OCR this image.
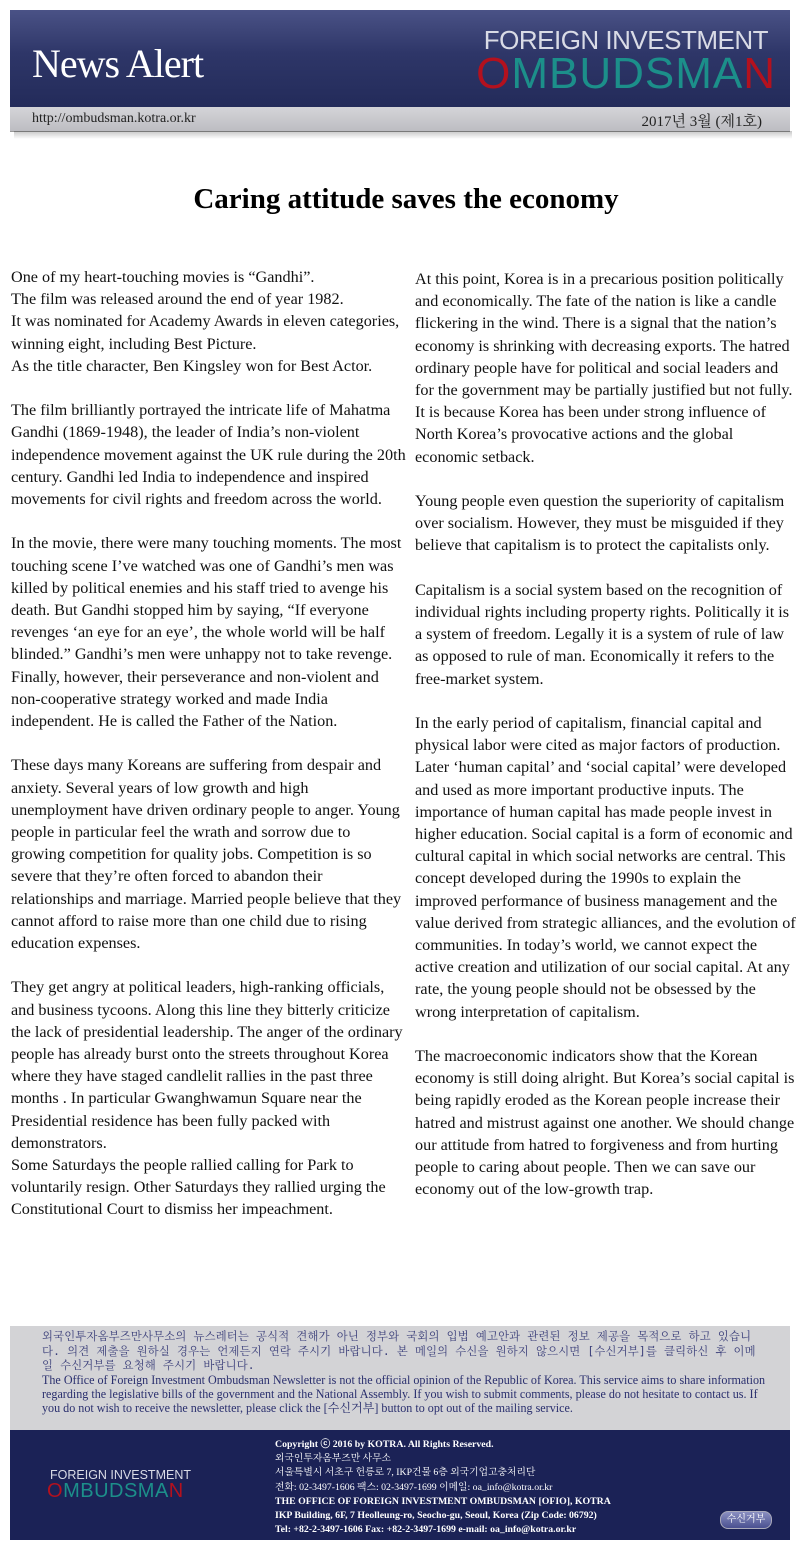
News Alert
FOREIGN INVESTMENT
OMBUDSMAN
http://ombudsman.kotra.or.kr	2017년 3월 (제1호)
Caring attitude saves the economy

One of my heart-touching movies is “Gandhi”.
The film was released around the end of year 1982.
It was nominated for Academy Awards in eleven categories, winning eight, including Best Picture.
As the title character, Ben Kingsley won for Best Actor.

The film brilliantly portrayed the intricate life of Mahatma Gandhi (1869-1948), the leader of India’s non-violent independence movement against the UK rule during the 20th century. Gandhi led India to independence and inspired movements for civil rights and freedom across the world.

In the movie, there were many touching moments. The most touching scene I’ve watched was one of Gandhi’s men was killed by political enemies and his staff tried to avenge his death. But Gandhi stopped him by saying, “If everyone revenges ‘an eye for an eye’, the whole world will be half blinded.” Gandhi’s men were unhappy not to take revenge. Finally, however, their perseverance and non-violent and non-cooperative strategy worked and made India independent. He is called the Father of the Nation.

These days many Koreans are suffering from despair and anxiety. Several years of low growth and high unemployment have driven ordinary people to anger. Young people in particular feel the wrath and sorrow due to growing competition for quality jobs. Competition is so severe that they’re often forced to abandon their relationships and marriage. Married people believe that they cannot afford to raise more than one child due to rising education expenses.

They get angry at political leaders, high-ranking officials, and business tycoons. Along this line they bitterly criticize the lack of presidential leadership. The anger of the ordinary people has already burst onto the streets throughout Korea where they have staged candlelit rallies in the past three months . In particular Gwanghwamun Square near the Presidential residence has been fully packed with demonstrators.
Some Saturdays the people rallied calling for Park to voluntarily resign. Other Saturdays they rallied urging the Constitutional Court to dismiss her impeachment.

At this point, Korea is in a precarious position politically and economically. The fate of the nation is like a candle flickering in the wind. There is a signal that the nation’s economy is shrinking with decreasing exports. The hatred ordinary people have for political and social leaders and for the government may be partially justified but not fully.
It is because Korea has been under strong influence of North Korea’s provocative actions and the global economic setback.

Young people even question the superiority of capitalism over socialism. However, they must be misguided if they believe that capitalism is to protect the capitalists only.

Capitalism is a social system based on the recognition of individual rights including property rights. Politically it is a system of freedom. Legally it is a system of rule of law as opposed to rule of man. Economically it refers to the free-market system.

In the early period of capitalism, financial capital and physical labor were cited as major factors of production. Later ‘human capital’ and ‘social capital’ were developed and used as more important productive inputs. The importance of human capital has made people invest in higher education. Social capital is a form of economic and cultural capital in which social networks are central. This concept developed during the 1990s to explain the improved performance of business management and the value derived from strategic alliances, and the evolution of communities. In today’s world, we cannot expect the active creation and utilization of our social capital. At any rate, the young people should not be obsessed by the wrong interpretation of capitalism.

The macroeconomic indicators show that the Korean economy is still doing alright. But Korea’s social capital is being rapidly eroded as the Korean people increase their hatred and mistrust against one another. We should change our attitude from hatred to forgiveness and from hurting people to caring about people. Then we can save our economy out of the low-growth trap.

외국인투자옴부즈만사무소의 뉴스레터는 공식적 견해가 아닌 정부와 국회의 입법 예고안과 관련된 정보 제공을 목적으로 하고 있습니다. 의견 제출을 원하실 경우는 언제든지 연락 주시기 바랍니다. 본 메일의 수신을 원하지 않으시면 [수신거부]를 클릭하신 후 이메일 수신거부를 요청해 주시기 바랍니다.
The Office of Foreign Investment Ombudsman Newsletter is not the official opinion of the Republic of Korea. This service aims to share information regarding the legislative bills of the government and the National Assembly. If you wish to submit comments, please do not hesitate to contact us. If you do not wish to receive the newsletter, please click the [수신거부] button to opt out of the mailing service.
FOREIGN INVESTMENT
OMBUDSMAN
Copyright ⓒ 2016 by KOTRA. All Rights Reserved.
외국인투자옴부즈만 사무소
서울특별시 서초구 헌릉로 7, IKP건물 6층 외국기업고충처리단
전화: 02-3497-1606 팩스: 02-3497-1699 이메일: oa_info@kotra.or.kr
THE OFFICE OF FOREIGN INVESTMENT OMBUDSMAN [OFIO], KOTRA
IKP Building, 6F, 7 Heolleung-ro, Seocho-gu, Seoul, Korea (Zip Code: 06792)
Tel: +82-2-3497-1606 Fax: +82-2-3497-1699 e-mail: oa_info@kotra.or.kr
수신거부
